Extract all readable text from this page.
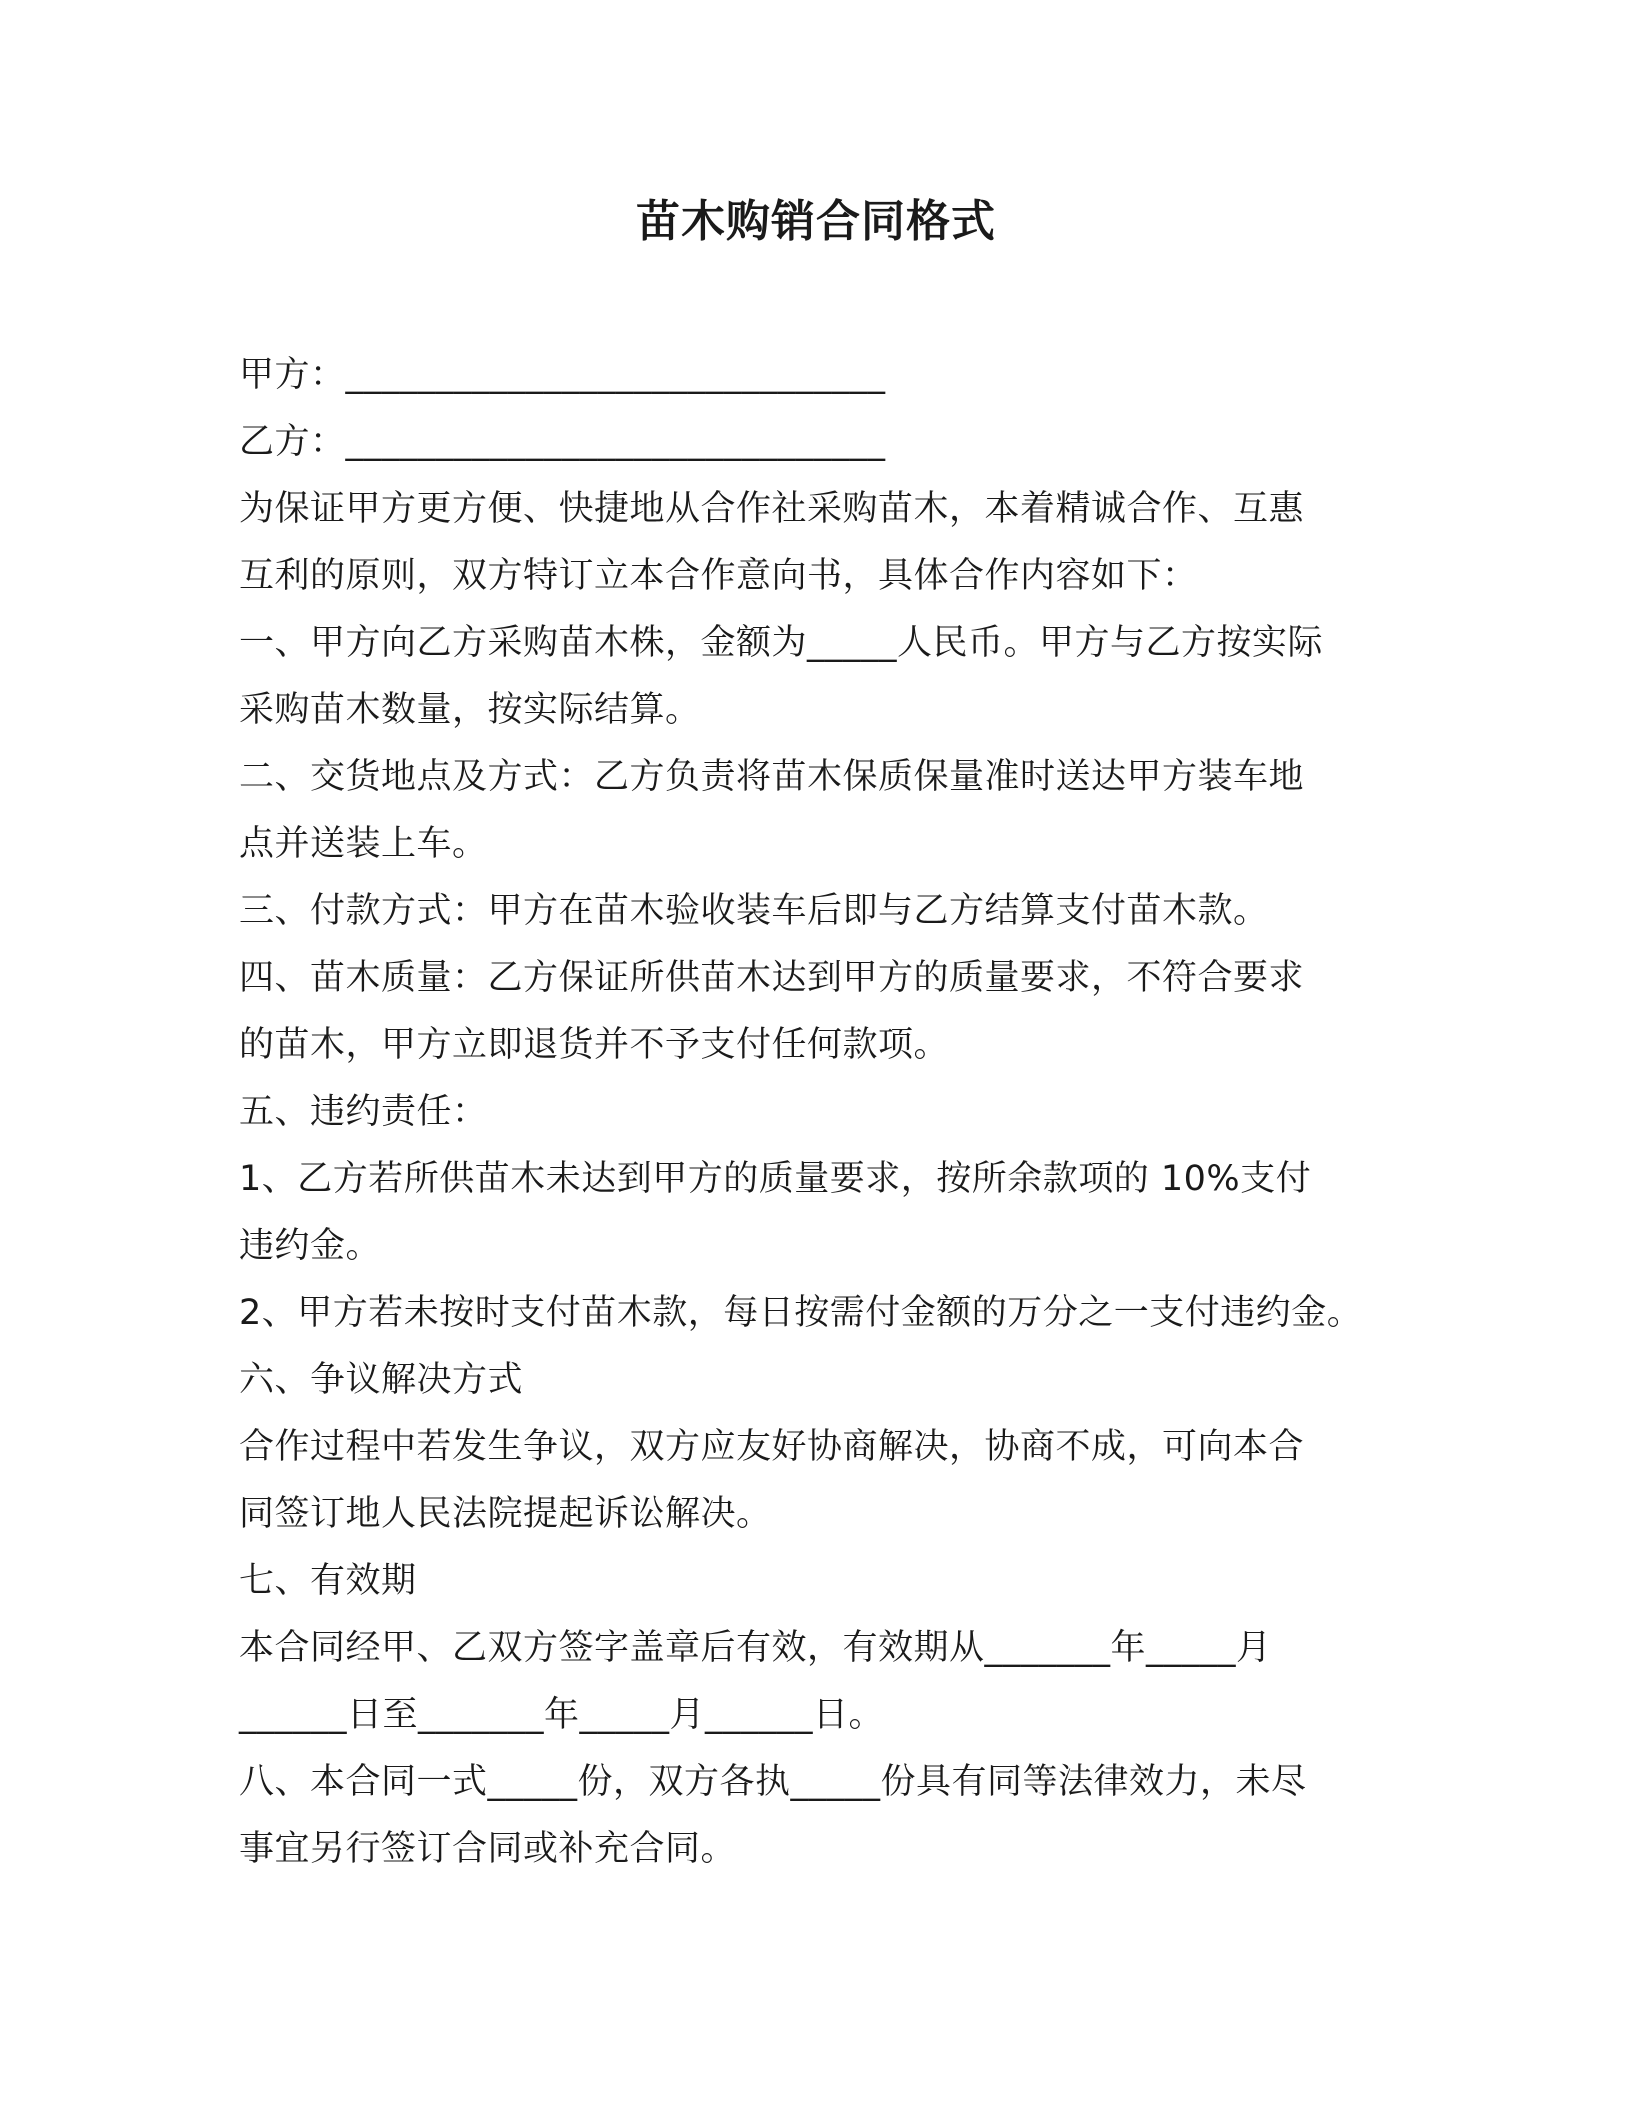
苗木购销合同格式
甲方：______________________________
乙方：______________________________
为保证甲方更方便、快捷地从合作社采购苗木，本着精诚合作、互惠
互利的原则，双方特订立本合作意向书，具体合作内容如下：
一、甲方向乙方采购苗木株，金额为_____人民币。甲方与乙方按实际
采购苗木数量，按实际结算。
二、交货地点及方式：乙方负责将苗木保质保量准时送达甲方装车地
点并送装上车。
三、付款方式：甲方在苗木验收装车后即与乙方结算支付苗木款。
四、苗木质量：乙方保证所供苗木达到甲方的质量要求，不符合要求
的苗木，甲方立即退货并不予支付任何款项。
五、违约责任：
1、乙方若所供苗木未达到甲方的质量要求，按所余款项的 10%支付
违约金。
2、甲方若未按时支付苗木款，每日按需付金额的万分之一支付违约金。
六、争议解决方式
合作过程中若发生争议，双方应友好协商解决，协商不成，可向本合
同签订地人民法院提起诉讼解决。
七、有效期
本合同经甲、乙双方签字盖章后有效，有效期从_______年_____月
______日至_______年_____月______日。
八、本合同一式_____份，双方各执_____份具有同等法律效力，未尽
事宜另行签订合同或补充合同。
